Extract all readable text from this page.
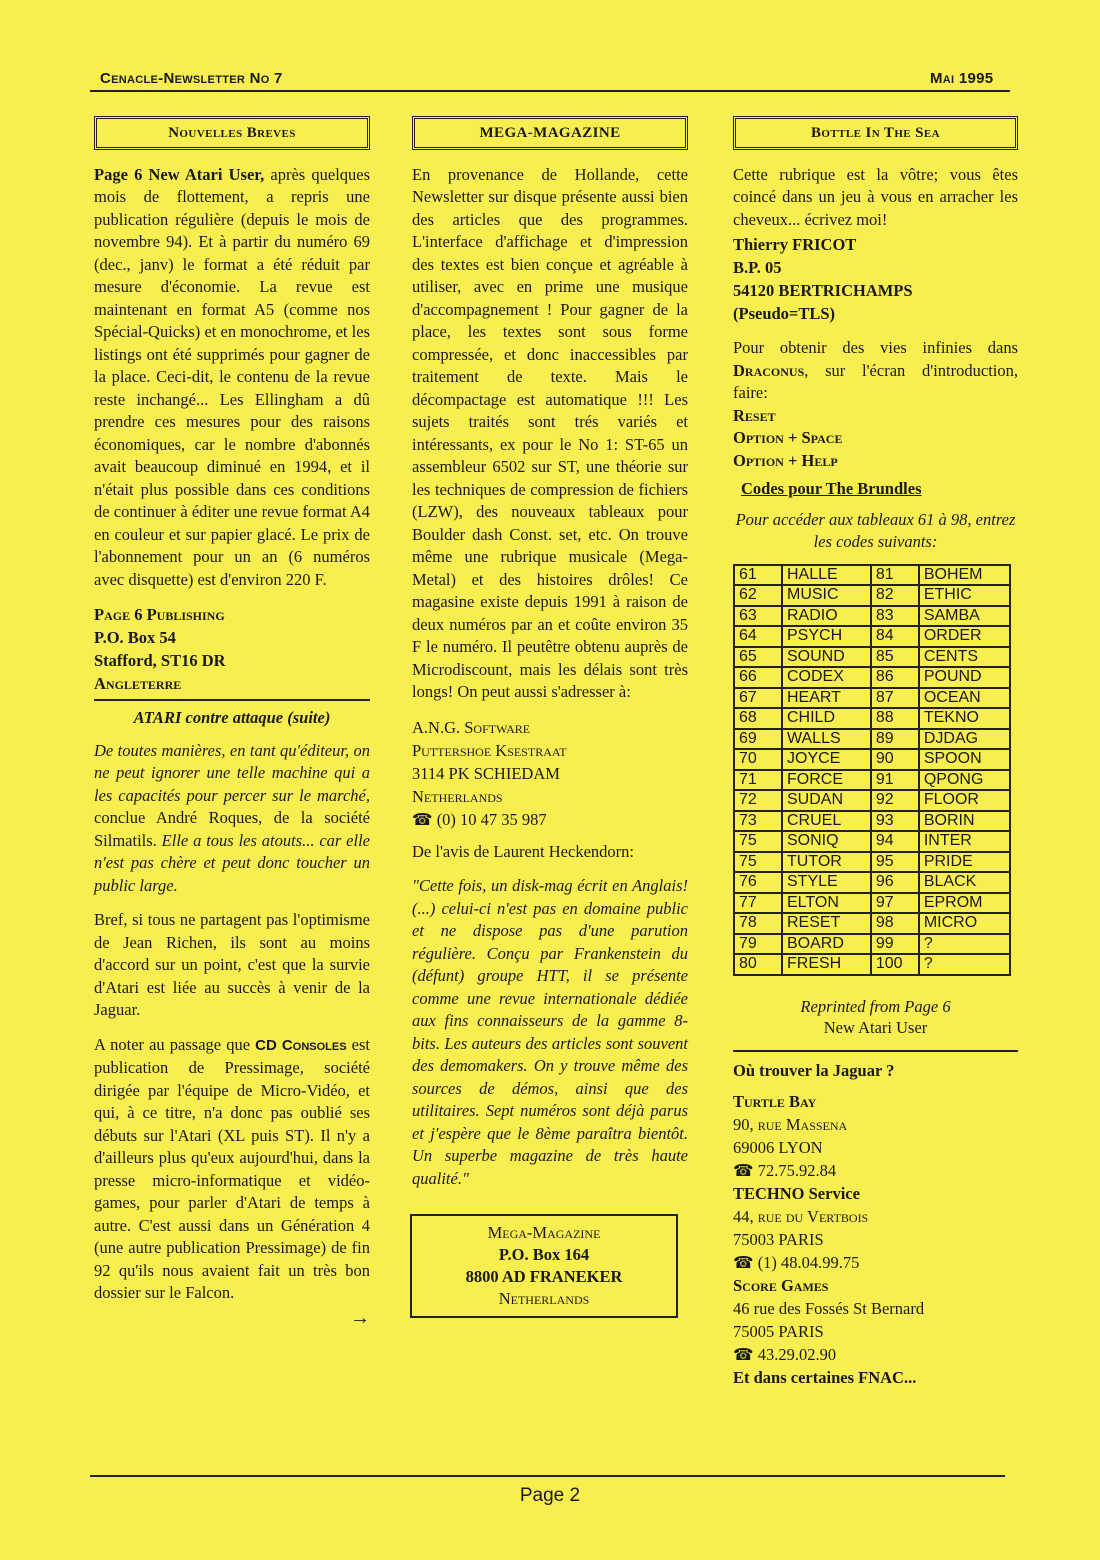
Cenacle-Newsletter No 7	Mai 1995
Nouvelles Breves

Page 6 New Atari User, après quelques mois de flottement, a repris une publication régulière (depuis le mois de novembre 94). Et à partir du numéro 69 (dec., janv) le format a été réduit par mesure d'économie. La revue est maintenant en format A5 (comme nos Spécial-Quicks) et en monochrome, et les listings ont été supprimés pour gagner de la place. Ceci-dit, le contenu de la revue reste inchangé... Les Ellingham a dû prendre ces mesures pour des raisons économiques, car le nombre d'abonnés avait beaucoup diminué en 1994, et il n'était plus possible dans ces conditions de continuer à éditer une revue format A4 en couleur et sur papier glacé. Le prix de l'abonnement pour un an (6 numéros avec disquette) est d'environ 220 F.

Page 6 Publishing
P.O. Box 54
Stafford, ST16 DR
Angleterre
ATARI contre attaque (suite)

De toutes manières, en tant qu'éditeur, on ne peut ignorer une telle machine qui a les capacités pour percer sur le marché, conclue André Roques, de la société Silmatils. Elle a tous les atouts... car elle n'est pas chère et peut donc toucher un public large.

Bref, si tous ne partagent pas l'optimisme de Jean Richen, ils sont au moins d'accord sur un point, c'est que la survie d'Atari est liée au succès à venir de la Jaguar.

A noter au passage que CD Consoles est publication de Pressimage, société dirigée par l'équipe de Micro-Vidéo, et qui, à ce titre, n'a donc pas oublié ses débuts sur l'Atari (XL puis ST). Il n'y a d'ailleurs plus qu'eux aujourd'hui, dans la presse micro-informatique et vidéo-games, pour parler d'Atari de temps à autre. C'est aussi dans un Génération 4 (une autre publication Pressimage) de fin 92 qu'ils nous avaient fait un très bon dossier sur le Falcon.

→
MEGA-MAGAZINE

En provenance de Hollande, cette Newsletter sur disque présente aussi bien des articles que des programmes. L'interface d'affichage et d'impression des textes est bien conçue et agréable à utiliser, avec en prime une musique d'accompagnement ! Pour gagner de la place, les textes sont sous forme compressée, et donc inaccessibles par traitement de texte. Mais le décompactage est automatique !!! Les sujets traités sont trés variés et intéressants, ex pour le No 1: ST-65 un assembleur 6502 sur ST, une théorie sur les techniques de compression de fichiers (LZW), des nouveaux tableaux pour Boulder dash Const. set, etc. On trouve même une rubrique musicale (Mega-Metal) et des histoires drôles! Ce magasine existe depuis 1991 à raison de deux numéros par an et coûte environ 35 F le numéro. Il peutêtre obtenu auprès de Microdiscount, mais les délais sont très longs! On peut aussi s'adresser à:

A.N.G. Software
Puttershoe Ksestraat
3114 PK SCHIEDAM
Netherlands
☎ (0) 10 47 35 987

De l'avis de Laurent Heckendorn:

"Cette fois, un disk-mag écrit en Anglais! (...) celui-ci n'est pas en domaine public et ne dispose pas d'une parution régulière. Conçu par Frankenstein du (défunt) groupe HTT, il se présente comme une revue internationale dédiée aux fins connaisseurs de la gamme 8-bits. Les auteurs des articles sont souvent des demomakers. On y trouve même des sources de démos, ainsi que des utilitaires. Sept numéros sont déjà parus et j'espère que le 8ème paraîtra bientôt. Un superbe magazine de très haute qualité."

Mega-Magazine
P.O. Box 164
8800 AD FRANEKER
Netherlands
Bottle In The Sea

Cette rubrique est la vôtre; vous êtes coincé dans un jeu à vous en arracher les cheveux... écrivez moi!

Thierry FRICOT
B.P. 05
54120 BERTRICHAMPS
(Pseudo=TLS)

Pour obtenir des vies infinies dans Draconus, sur l'écran d'introduction, faire:

Reset
Option + Space
Option + Help
Codes pour The Brundles
Pour accéder aux tableaux 61 à 98, entrez les codes suivants:
61	HALLE	81	BOHEM
62	MUSIC	82	ETHIC
63	RADIO	83	SAMBA
64	PSYCH	84	ORDER
65	SOUND	85	CENTS
66	CODEX	86	POUND
67	HEART	87	OCEAN
68	CHILD	88	TEKNO
69	WALLS	89	DJDAG
70	JOYCE	90	SPOON
71	FORCE	91	QPONG
72	SUDAN	92	FLOOR
73	CRUEL	93	BORIN
75	SONIQ	94	INTER
75	TUTOR	95	PRIDE
76	STYLE	96	BLACK
77	ELTON	97	EPROM
78	RESET	98	MICRO
79	BOARD	99	?
80	FRESH	100	?
Reprinted from Page 6
New Atari User
Où trouver la Jaguar ?
Turtle Bay
90, rue Massena
69006 LYON
☎ 72.75.92.84
TECHNO Service
44, rue du Vertbois
75003 PARIS
☎ (1) 48.04.99.75
Score Games
46 rue des Fossés St Bernard
75005 PARIS
☎ 43.29.02.90
Et dans certaines FNAC...
Page 2
